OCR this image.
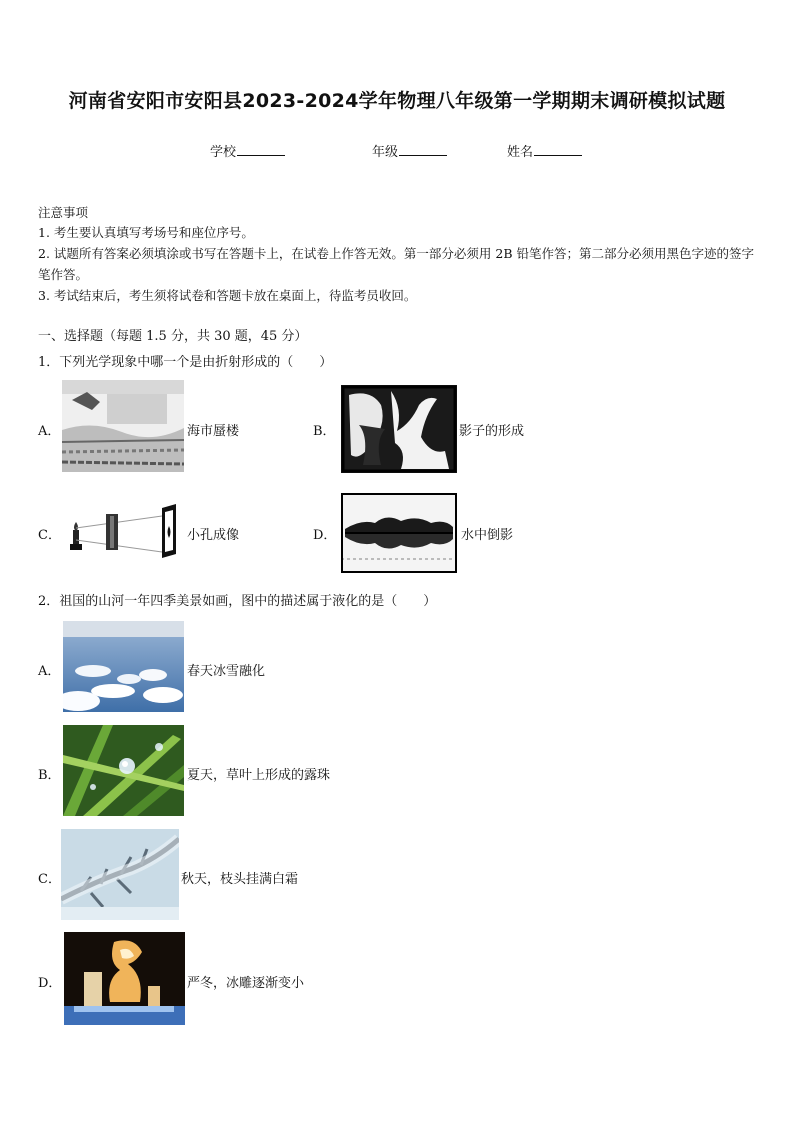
河南省安阳市安阳县2023-2024学年物理八年级第一学期期末调研模拟试题
学校	年级	姓名
注意事项
1. 考生要认真填写考场号和座位序号。
2. 试题所有答案必须填涂或书写在答题卡上，在试卷上作答无效。第一部分必须用 2B 铅笔作答；第二部分必须用黑色字迹的签字笔作答。
3. 考试结束后，考生须将试卷和答题卡放在桌面上，待监考员收回。
一、选择题（每题 1.5 分，共 30 题，45 分）
1．下列光学现象中哪一个是由折射形成的（　　）
A．	海市蜃楼	B．	影子的形成
C．	小孔成像	D．	水中倒影
2．祖国的山河一年四季美景如画，图中的描述属于液化的是（　　）
A．	春天冰雪融化
B．	夏天，草叶上形成的露珠
C．	秋天，枝头挂满白霜
D．	严冬，冰雕逐渐变小
